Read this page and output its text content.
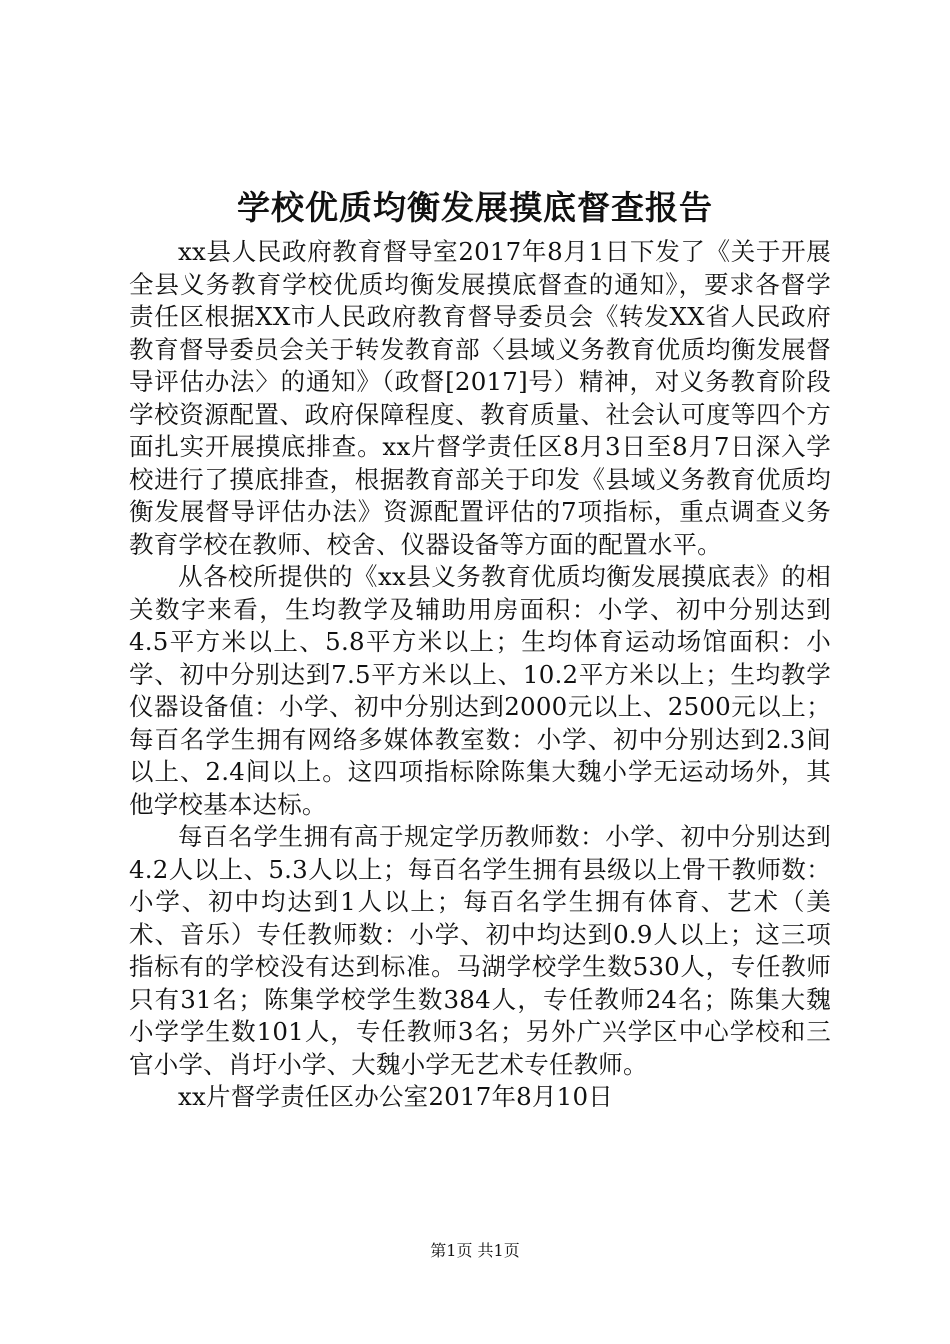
学校优质均衡发展摸底督查报告

xx县人民政府教育督导室2017年8月1日下发了《关于开展全县义务教育学校优质均衡发展摸底督查的通知》，要求各督学责任区根据XX市人民政府教育督导委员会《转发XX省人民政府教育督导委员会关于转发教育部〈县域义务教育优质均衡发展督导评估办法〉的通知》（政督[2017]号）精神，对义务教育阶段学校资源配置、政府保障程度、教育质量、社会认可度等四个方面扎实开展摸底排查。xx片督学责任区8月3日至8月7日深入学校进行了摸底排查，根据教育部关于印发《县域义务教育优质均衡发展督导评估办法》资源配置评估的7项指标，重点调查义务教育学校在教师、校舍、仪器设备等方面的配置水平。

从各校所提供的《xx县义务教育优质均衡发展摸底表》的相关数字来看，生均教学及辅助用房面积：小学、初中分别达到4.5平方米以上、5.8平方米以上；生均体育运动场馆面积：小学、初中分别达到7.5平方米以上、10.2平方米以上；生均教学仪器设备值：小学、初中分别达到2000元以上、2500元以上；每百名学生拥有网络多媒体教室数：小学、初中分别达到2.3间以上、2.4间以上。这四项指标除陈集大魏小学无运动场外，其他学校基本达标。

每百名学生拥有高于规定学历教师数：小学、初中分别达到4.2人以上、5.3人以上；每百名学生拥有县级以上骨干教师数：小学、初中均达到1人以上；每百名学生拥有体育、艺术（美术、音乐）专任教师数：小学、初中均达到0.9人以上；这三项指标有的学校没有达到标准。马湖学校学生数530人，专任教师只有31名；陈集学校学生数384人，专任教师24名；陈集大魏小学学生数101人，专任教师3名；另外广兴学区中心学校和三官小学、肖圩小学、大魏小学无艺术专任教师。

xx片督学责任区办公室2017年8月10日

第1页 共1页
